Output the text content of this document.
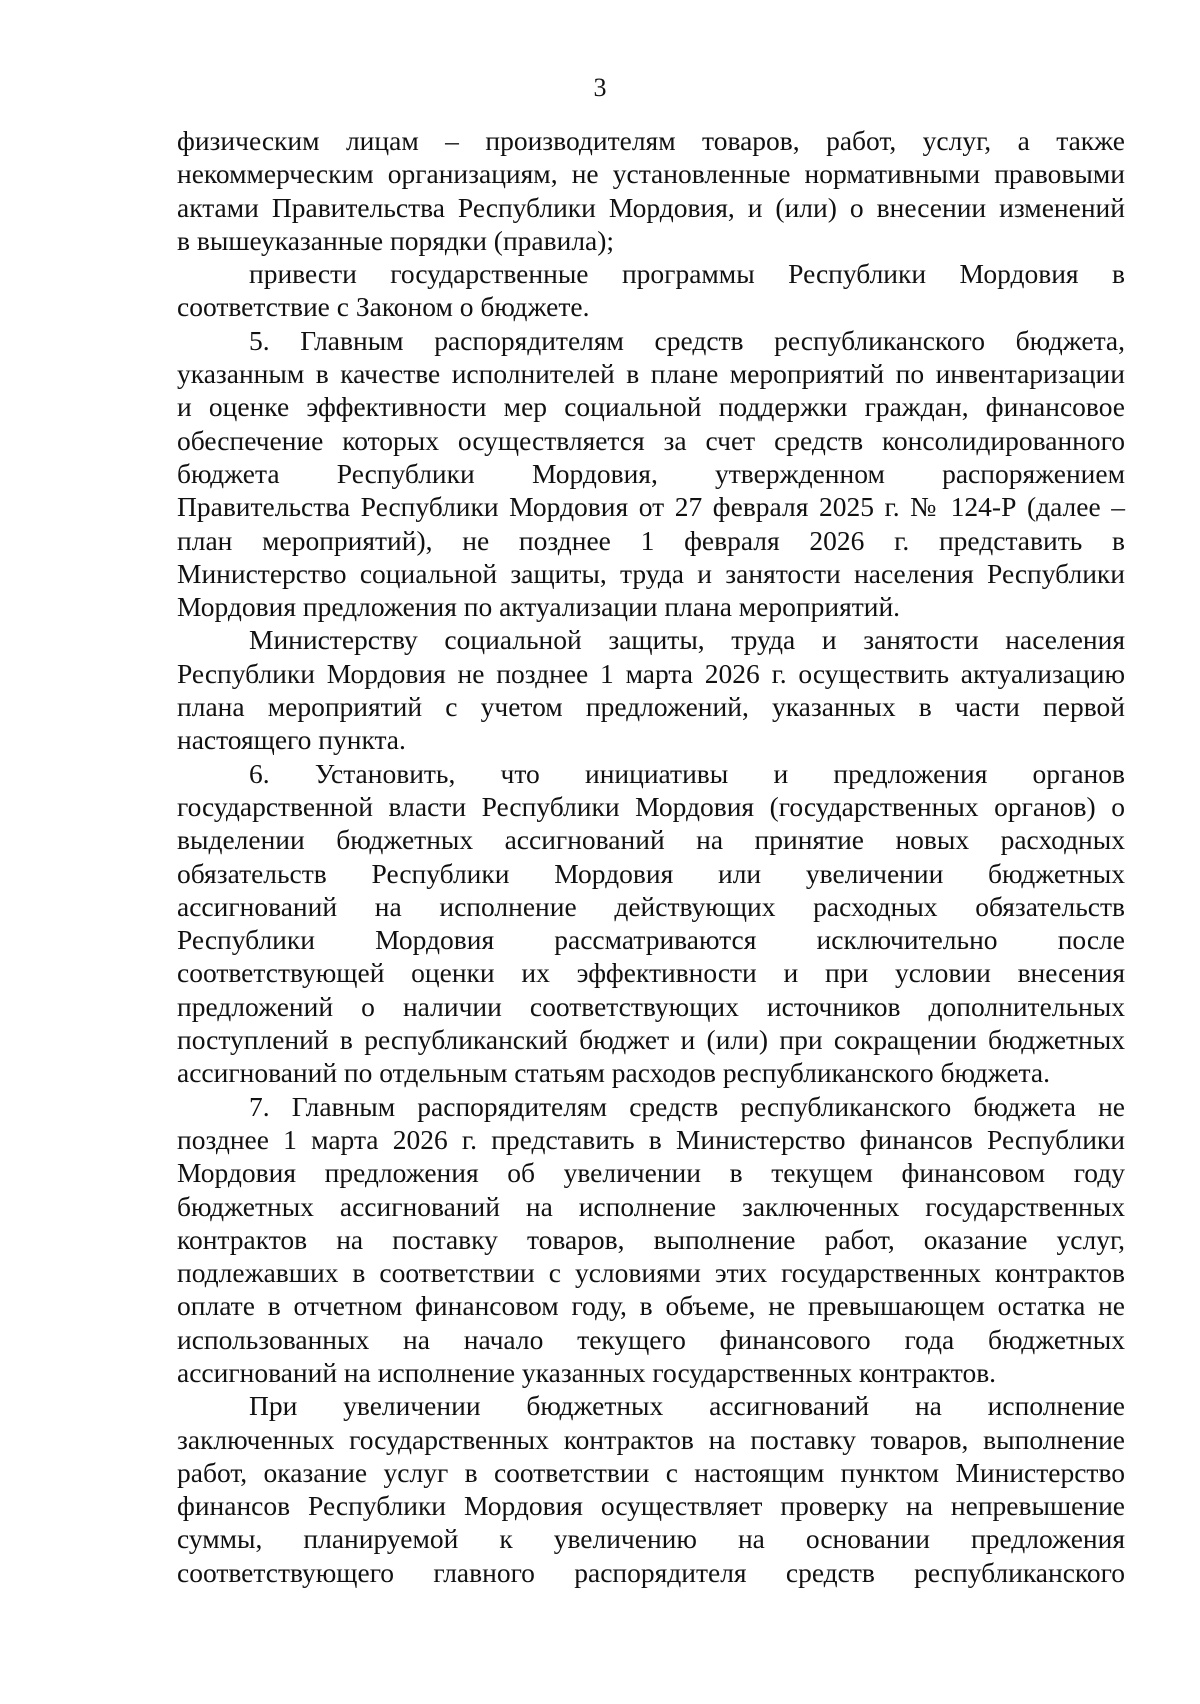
3

физическим лицам – производителям товаров, работ, услуг, а также

некоммерческим организациям, не установленные нормативными правовыми

актами Правительства Республики Мордовия, и (или) о внесении изменений

в вышеуказанные порядки (правила);

привести государственные программы Республики Мордовия в

соответствие с Законом о бюджете.

5. Главным распорядителям средств республиканского бюджета,

указанным в качестве исполнителей в плане мероприятий по инвентаризации

и оценке эффективности мер социальной поддержки граждан, финансовое

обеспечение которых осуществляется за счет средств консолидированного

бюджета Республики Мордовия, утвержденном распоряжением

Правительства Республики Мордовия от 27 февраля 2025 г. № 124-Р (далее –

план мероприятий), не позднее 1 февраля 2026 г. представить в

Министерство социальной защиты, труда и занятости населения Республики

Мордовия предложения по актуализации плана мероприятий.

Министерству социальной защиты, труда и занятости населения

Республики Мордовия не позднее 1 марта 2026 г. осуществить актуализацию

плана мероприятий с учетом предложений, указанных в части первой

настоящего пункта.

6. Установить, что инициативы и предложения органов

государственной власти Республики Мордовия (государственных органов) о

выделении бюджетных ассигнований на принятие новых расходных

обязательств Республики Мордовия или увеличении бюджетных

ассигнований на исполнение действующих расходных обязательств

Республики Мордовия рассматриваются исключительно после

соответствующей оценки их эффективности и при условии внесения

предложений о наличии соответствующих источников дополнительных

поступлений в республиканский бюджет и (или) при сокращении бюджетных

ассигнований по отдельным статьям расходов республиканского бюджета.

7. Главным распорядителям средств республиканского бюджета не

позднее 1 марта 2026 г. представить в Министерство финансов Республики

Мордовия предложения об увеличении в текущем финансовом году

бюджетных ассигнований на исполнение заключенных государственных

контрактов на поставку товаров, выполнение работ, оказание услуг,

подлежавших в соответствии с условиями этих государственных контрактов

оплате в отчетном финансовом году, в объеме, не превышающем остатка не

использованных на начало текущего финансового года бюджетных

ассигнований на исполнение указанных государственных контрактов.

При увеличении бюджетных ассигнований на исполнение

заключенных государственных контрактов на поставку товаров, выполнение

работ, оказание услуг в соответствии с настоящим пунктом Министерство

финансов Республики Мордовия осуществляет проверку на непревышение

суммы, планируемой к увеличению на основании предложения

соответствующего главного распорядителя средств республиканского
